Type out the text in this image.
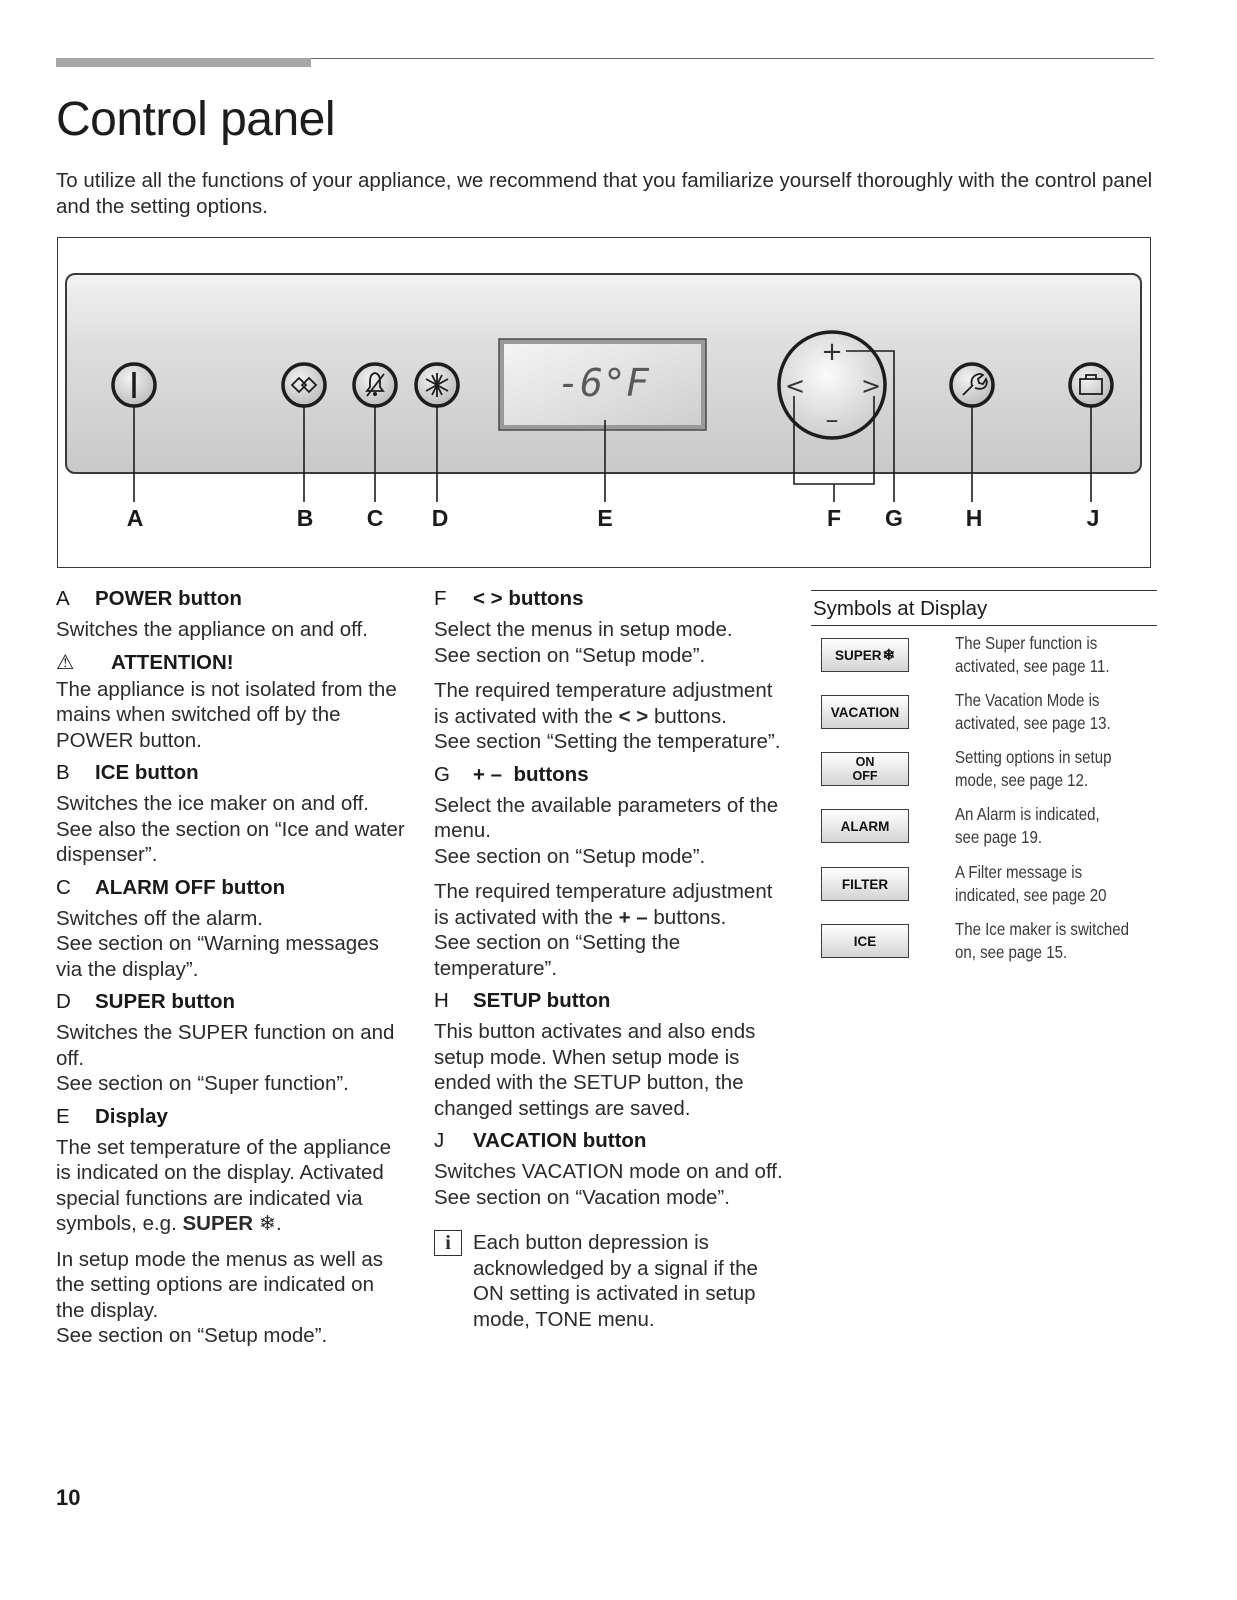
Control panel

To utilize all the functions of your appliance, we recommend that you familiarize yourself thoroughly with the control panel and the setting options.

-6°F
+
–
< >
A	B C D	E	F G	H	J
A	POWER button

Switches the appliance on and off.

⚠	ATTENTION!

The appliance is not isolated from the mains when switched off by the POWER button.

B	ICE button

Switches the ice maker on and off. See also the section on “Ice and water dispenser”.

C	ALARM OFF button

Switches off the alarm.

See section on “Warning messages via the display”.

D	SUPER button

Switches the SUPER function on and off.

See section on “Super function”.

E	Display

The set temperature of the appliance is indicated on the display. Activated special functions are indicated via symbols, e.g. SUPER ❄.

In setup mode the menus as well as the setting options are indicated on the display.

See section on “Setup mode”.

F	< > buttons

Select the menus in setup mode.

See section on “Setup mode”.

The required temperature adjustment is activated with the < > buttons.

See section “Setting the temperature”.

G	+ –  buttons

Select the available parameters of the menu.

See section on “Setup mode”.

The required temperature adjustment is activated with the + – buttons.

See section on “Setting the temperature”.

H	SETUP button

This button activates and also ends setup mode. When setup mode is ended with the SETUP button, the changed settings are saved.

J	VACATION button

Switches VACATION mode on and off. See section on “Vacation mode”.

i	Each button depression is acknowledged by a signal if the ON setting is activated in setup mode, TONE menu.
Symbols at Display
SUPER ❄
The Super function is
activated, see page 11.
VACATION
The Vacation Mode is
activated, see page 13.
ON
OFF
Setting options in setup
mode, see page 12.
ALARM
An Alarm is indicated,
see page 19.
FILTER
A Filter message is
indicated, see page 20
ICE
The Ice maker is switched
on, see page 15.
10
